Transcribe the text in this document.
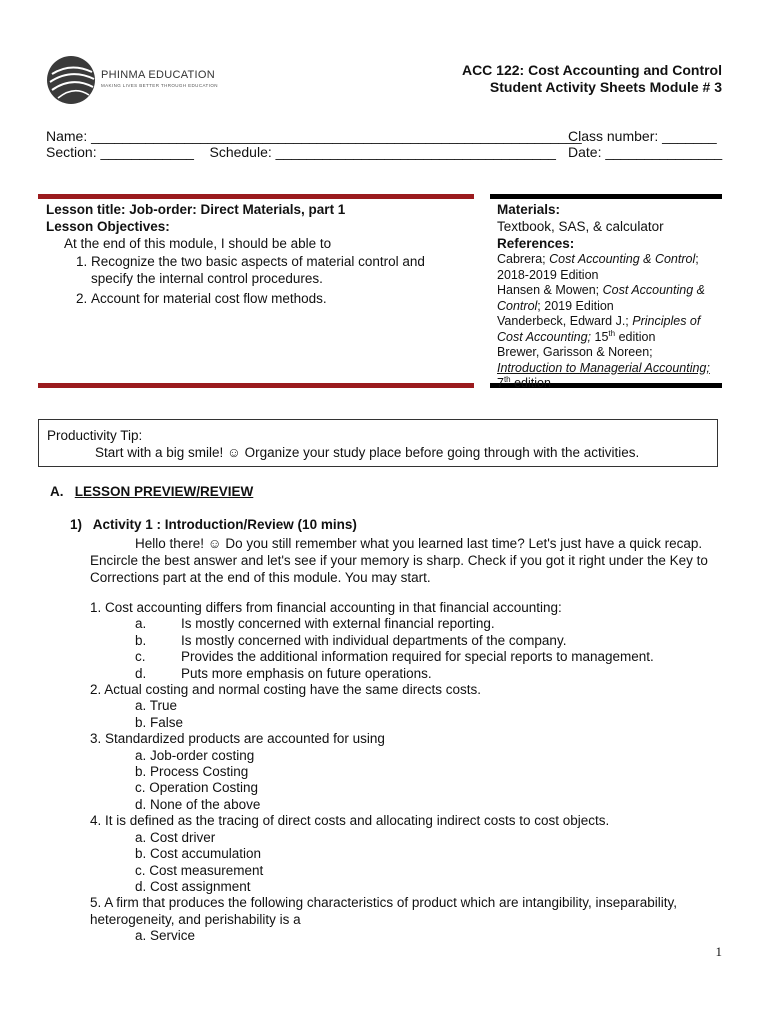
PHINMA EDUCATION
MAKING LIVES BETTER THROUGH EDUCATION
ACC 122: Cost Accounting and Control
Student Activity Sheets Module # 3
Name: _______________________________________________________________
Class number: _______
Section: ____________ Schedule: ____________________________________ Date: _______________
Lesson title: Job-order: Direct Materials, part 1
Lesson Objectives:
At the end of this module, I should be able to
1. Recognize the two basic aspects of material control and specify the internal control procedures.
2. Account for material cost flow methods.
Materials:
Textbook, SAS, & calculator
References:
Cabrera; Cost Accounting & Control; 2018-2019 Edition
Hansen & Mowen; Cost Accounting & Control; 2019 Edition
Vanderbeck, Edward J.; Principles of Cost Accounting; 15th edition
Brewer, Garisson & Noreen;
Introduction to Managerial Accounting;
7th edition
Productivity Tip:
Start with a big smile! ☺ Organize your study place before going through with the activities.
A. LESSON PREVIEW/REVIEW
1) Activity 1 : Introduction/Review (10 mins)
Hello there! ☺ Do you still remember what you learned last time? Let's just have a quick recap.
Encircle the best answer and let's see if your memory is sharp. Check if you got it right under the Key to Corrections part at the end of this module. You may start.
1. Cost accounting differs from financial accounting in that financial accounting:
a.	Is mostly concerned with external financial reporting.
b.	Is mostly concerned with individual departments of the company.
c.	Provides the additional information required for special reports to management.
d.	Puts more emphasis on future operations.
2. Actual costing and normal costing have the same directs costs.
a. True
b. False
3. Standardized products are accounted for using
a. Job-order costing
b. Process Costing
c. Operation Costing
d. None of the above
4. It is defined as the tracing of direct costs and allocating indirect costs to cost objects.
a. Cost driver
b. Cost accumulation
c. Cost measurement
d. Cost assignment
5. A firm that produces the following characteristics of product which are intangibility, inseparability, heterogeneity, and perishability is a
a. Service
1
